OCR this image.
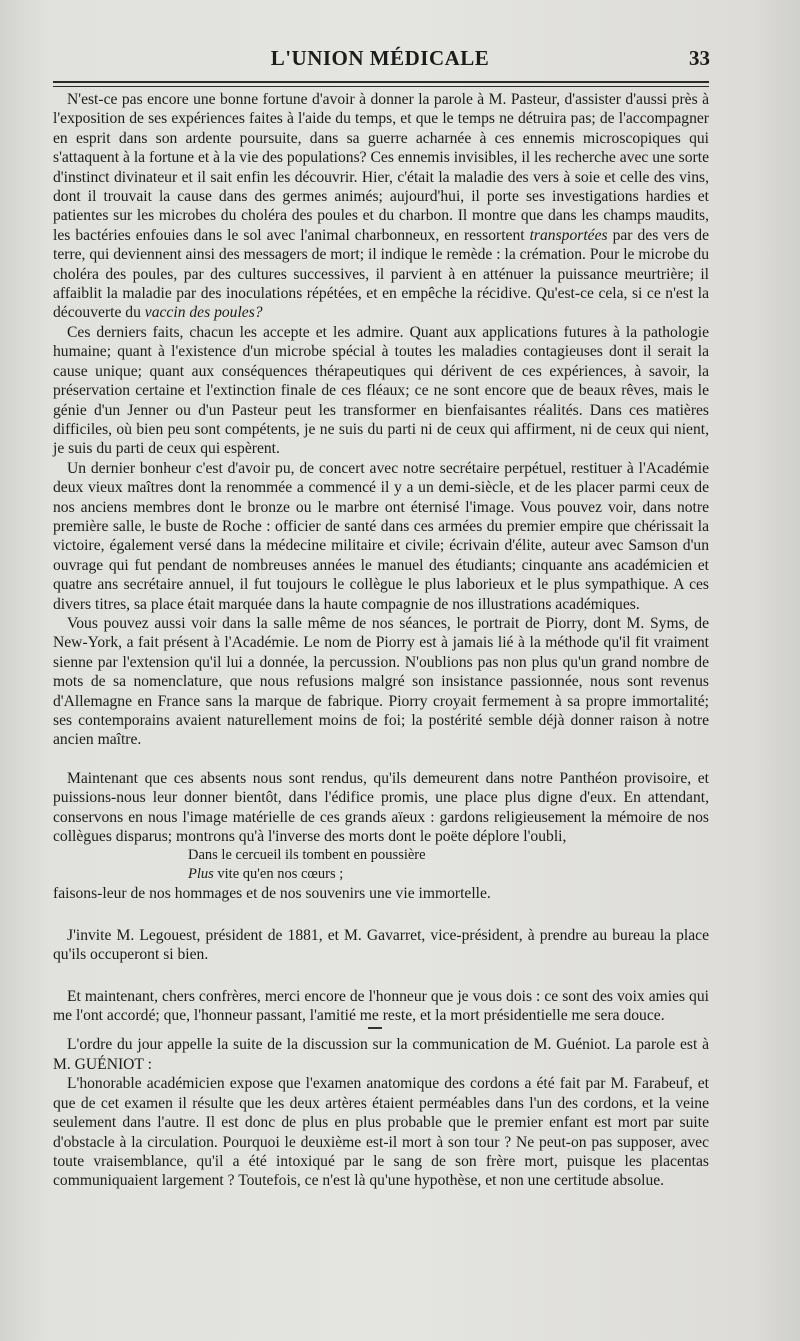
L'UNION MÉDICALE	33

N'est-ce pas encore une bonne fortune d'avoir à donner la parole à M. Pasteur, d'assister d'aussi près à l'exposition de ses expériences faites à l'aide du temps, et que le temps ne détruira pas; de l'accompagner en esprit dans son ardente poursuite, dans sa guerre acharnée à ces ennemis microscopiques qui s'attaquent à la fortune et à la vie des populations? Ces ennemis invisibles, il les recherche avec une sorte d'instinct divinateur et il sait enfin les découvrir. Hier, c'était la maladie des vers à soie et celle des vins, dont il trouvait la cause dans des germes animés; aujourd'hui, il porte ses investigations hardies et patientes sur les microbes du choléra des poules et du charbon. Il montre que dans les champs maudits, les bactéries enfouies dans le sol avec l'animal charbonneux, en ressortent transportées par des vers de terre, qui deviennent ainsi des messagers de mort; il indique le remède : la crémation. Pour le microbe du choléra des poules, par des cultures successives, il parvient à en atténuer la puissance meurtrière; il affaiblit la maladie par des inoculations répétées, et en empêche la récidive. Qu'est-ce cela, si ce n'est la découverte du vaccin des poules?

Ces derniers faits, chacun les accepte et les admire. Quant aux applications futures à la pathologie humaine; quant à l'existence d'un microbe spécial à toutes les maladies contagieuses dont il serait la cause unique; quant aux conséquences thérapeutiques qui dérivent de ces expériences, à savoir, la préservation certaine et l'extinction finale de ces fléaux; ce ne sont encore que de beaux rêves, mais le génie d'un Jenner ou d'un Pasteur peut les transformer en bienfaisantes réalités. Dans ces matières difficiles, où bien peu sont compétents, je ne suis du parti ni de ceux qui affirment, ni de ceux qui nient, je suis du parti de ceux qui espèrent.

Un dernier bonheur c'est d'avoir pu, de concert avec notre secrétaire perpétuel, restituer à l'Académie deux vieux maîtres dont la renommée a commencé il y a un demi-siècle, et de les placer parmi ceux de nos anciens membres dont le bronze ou le marbre ont éternisé l'image. Vous pouvez voir, dans notre première salle, le buste de Roche : officier de santé dans ces armées du premier empire que chérissait la victoire, également versé dans la médecine militaire et civile; écrivain d'élite, auteur avec Samson d'un ouvrage qui fut pendant de nombreuses années le manuel des étudiants; cinquante ans académicien et quatre ans secrétaire annuel, il fut toujours le collègue le plus laborieux et le plus sympathique. A ces divers titres, sa place était marquée dans la haute compagnie de nos illustrations académiques.

Vous pouvez aussi voir dans la salle même de nos séances, le portrait de Piorry, dont M. Syms, de New-York, a fait présent à l'Académie. Le nom de Piorry est à jamais lié à la méthode qu'il fit vraiment sienne par l'extension qu'il lui a donnée, la percussion. N'oublions pas non plus qu'un grand nombre de mots de sa nomenclature, que nous refusions malgré son insistance passionnée, nous sont revenus d'Allemagne en France sans la marque de fabrique. Piorry croyait fermement à sa propre immortalité; ses contemporains avaient naturellement moins de foi; la postérité semble déjà donner raison à notre ancien maître.

Maintenant que ces absents nous sont rendus, qu'ils demeurent dans notre Panthéon provisoire, et puissions-nous leur donner bientôt, dans l'édifice promis, une place plus digne d'eux. En attendant, conservons en nous l'image matérielle de ces grands aïeux : gardons religieusement la mémoire de nos collègues disparus; montrons qu'à l'inverse des morts dont le poëte déplore l'oubli,

Dans le cercueil ils tombent en poussière
Plus vite qu'en nos cœurs ;

faisons-leur de nos hommages et de nos souvenirs une vie immortelle.

J'invite M. Legouest, président de 1881, et M. Gavarret, vice-président, à prendre au bureau la place qu'ils occuperont si bien.

Et maintenant, chers confrères, merci encore de l'honneur que je vous dois : ce sont des voix amies qui me l'ont accordé; que, l'honneur passant, l'amitié me reste, et la mort présidentielle me sera douce.

L'ordre du jour appelle la suite de la discussion sur la communication de M. Guéniot. La parole est à M. GUÉNIOT :

L'honorable académicien expose que l'examen anatomique des cordons a été fait par M. Farabeuf, et que de cet examen il résulte que les deux artères étaient perméables dans l'un des cordons, et la veine seulement dans l'autre. Il est donc de plus en plus probable que le premier enfant est mort par suite d'obstacle à la circulation. Pourquoi le deuxième est-il mort à son tour ? Ne peut-on pas supposer, avec toute vraisemblance, qu'il a été intoxiqué par le sang de son frère mort, puisque les placentas communiquaient largement ? Toutefois, ce n'est là qu'une hypothèse, et non une certitude absolue.
